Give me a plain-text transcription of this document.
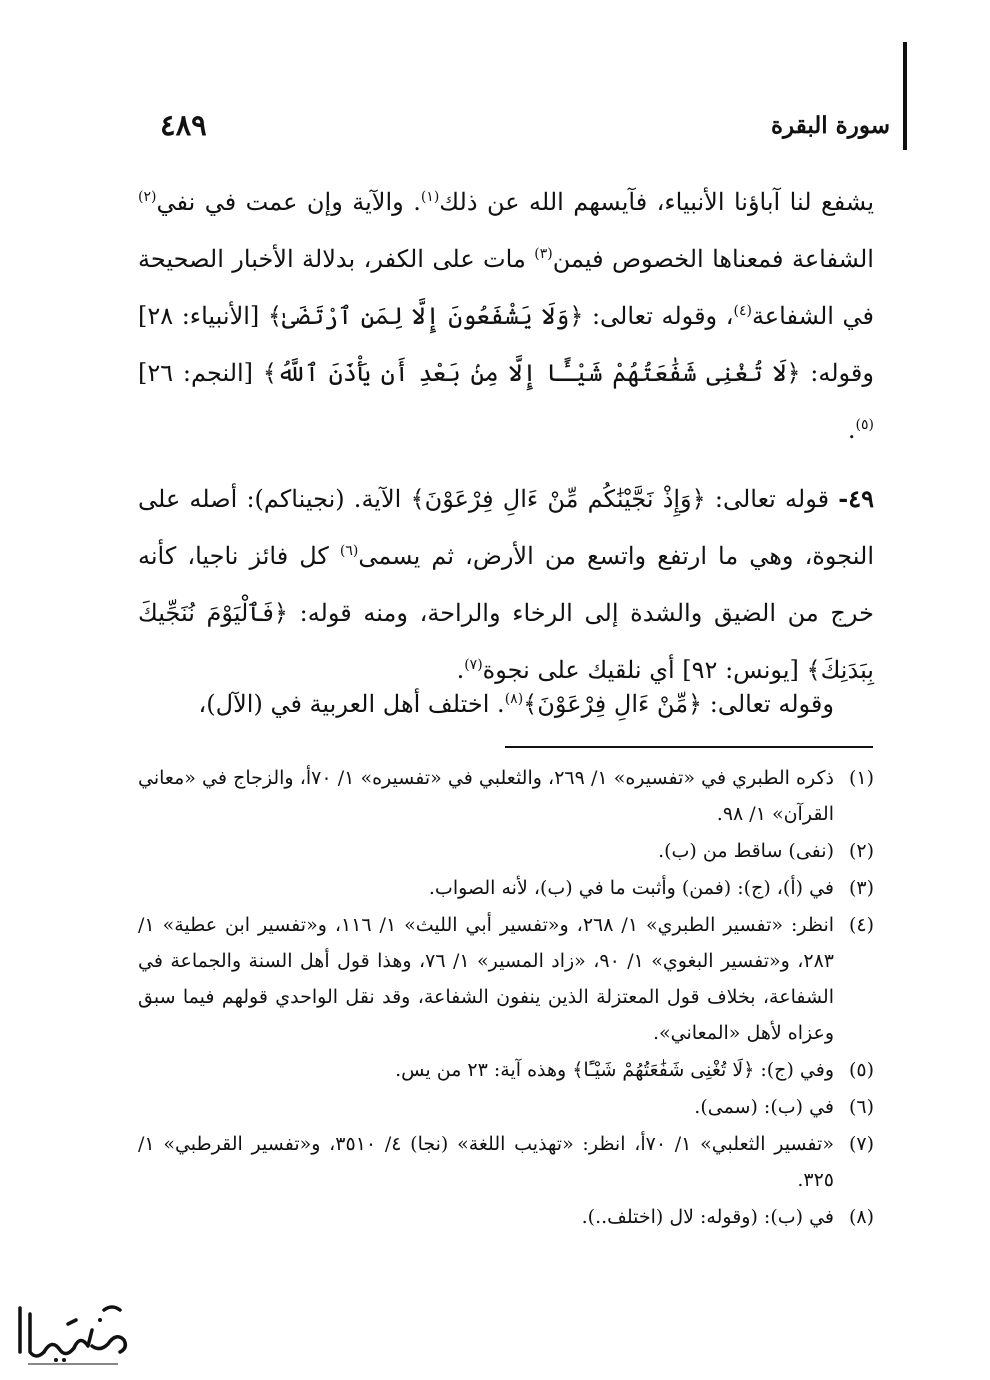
سورة البقرة
٤٨٩

يشفع لنا آباؤنا الأنبياء، فآيسهم الله عن ذلك$^{(١)}$. والآية وإن عمت في نفي$^{(٢)}$ الشفاعة فمعناها الخصوص فيمن$^{(٣)}$ مات على الكفر، بدلالة الأخبار الصحيحة في الشفاعة$^{(٤)}$، وقوله تعالى: ﴿وَلَا يَشْفَعُونَ إِلَّا لِمَنِ ٱرْتَضَىٰ﴾ [الأنبياء: ٢٨] وقوله: ﴿لَا تُغْنِى شَفَٰعَتُهُمْ شَيْـًٔا إِلَّا مِنۢ بَعْدِ أَن يَأْذَنَ ٱللَّهُ﴾ [النجم: ٢٦]$^{(٥)}$.

٤٩- قوله تعالى: ﴿وَإِذْ نَجَّيْنَٰكُم مِّنْ ءَالِ فِرْعَوْنَ﴾ الآية. (نجيناكم): أصله على النجوة، وهي ما ارتفع واتسع من الأرض، ثم يسمى$^{(٦)}$ كل فائز ناجيا، كأنه خرج من الضيق والشدة إلى الرخاء والراحة، ومنه قوله: ﴿فَٱلْيَوْمَ نُنَجِّيكَ بِبَدَنِكَ﴾ [يونس: ٩٢] أي نلقيك على نجوة$^{(٧)}$.

وقوله تعالى: ﴿مِّنْ ءَالِ فِرْعَوْنَ﴾$^{(٨)}$. اختلف أهل العربية في (الآل)،

(١)
ذكره الطبري في «تفسيره» ١/ ٢٦٩، والثعلبي في «تفسيره» ١/ ٧٠أ، والزجاج في «معاني القرآن» ١/ ٩٨.
(٢)
(نفى) ساقط من (ب).
(٣)
في (أ)، (ج): (فمن) وأثبت ما في (ب)، لأنه الصواب.
(٤)
انظر: «تفسير الطبري» ١/ ٢٦٨، و«تفسير أبي الليث» ١/ ١١٦، و«تفسير ابن عطية» ١/ ٢٨٣، و«تفسير البغوي» ١/ ٩٠، «زاد المسير» ١/ ٧٦، وهذا قول أهل السنة والجماعة في الشفاعة، بخلاف قول المعتزلة الذين ينفون الشفاعة، وقد نقل الواحدي قولهم فيما سبق وعزاه لأهل «المعاني».
(٥)
وفي (ج): ﴿لَا تُغْنِى شَفَٰعَتُهُمْ شَيْـًٔا﴾ وهذه آية: ٢٣ من يس.
(٦)
في (ب): (سمى).
(٧)
«تفسير الثعلبي» ١/ ٧٠أ، انظر: «تهذيب اللغة» (نجا) ٤/ ٣٥١٠، و«تفسير القرطبي» ١/ ٣٢٥.
(٨)
في (ب): (وقوله: لال (اختلف..).
